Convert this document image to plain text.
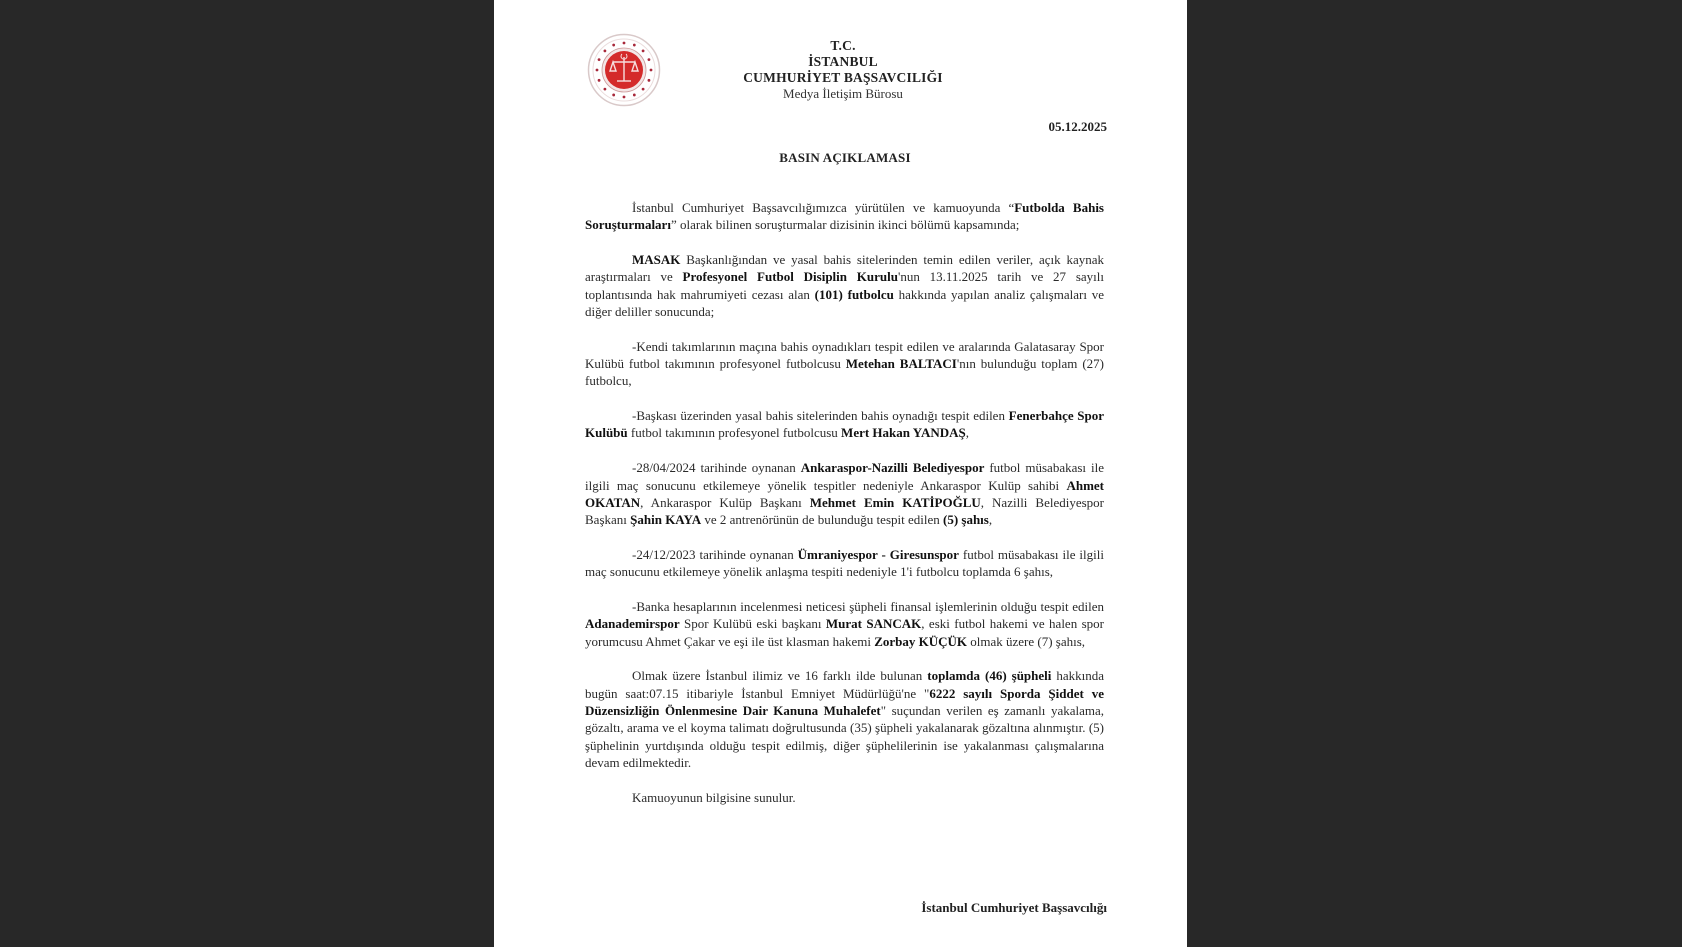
T.C.
İSTANBUL
CUMHURİYET BAŞSAVCILIĞI
Medya İletişim Bürosu
05.12.2025
BASIN AÇIKLAMASI

İstanbul Cumhuriyet Başsavcılığımızca yürütülen ve kamuoyunda “Futbolda Bahis Soruşturmaları” olarak bilinen soruşturmalar dizisinin ikinci bölümü kapsamında;

MASAK Başkanlığından ve yasal bahis sitelerinden temin edilen veriler, açık kaynak araştırmaları ve Profesyonel Futbol Disiplin Kurulu'nun 13.11.2025 tarih ve 27 sayılı toplantısında hak mahrumiyeti cezası alan (101) futbolcu hakkında yapılan analiz çalışmaları ve diğer deliller sonucunda;

-Kendi takımlarının maçına bahis oynadıkları tespit edilen ve aralarında Galatasaray Spor Kulübü futbol takımının profesyonel futbolcusu Metehan BALTACI'nın bulunduğu toplam (27) futbolcu,

-Başkası üzerinden yasal bahis sitelerinden bahis oynadığı tespit edilen Fenerbahçe Spor Kulübü futbol takımının profesyonel futbolcusu Mert Hakan YANDAŞ,

-28/04/2024 tarihinde oynanan Ankaraspor-Nazilli Belediyespor futbol müsabakası ile ilgili maç sonucunu etkilemeye yönelik tespitler nedeniyle Ankaraspor Kulüp sahibi Ahmet OKATAN, Ankaraspor Kulüp Başkanı Mehmet Emin KATİPOĞLU, Nazilli Belediyespor Başkanı Şahin KAYA ve 2 antrenörünün de bulunduğu tespit edilen (5) şahıs,

-24/12/2023 tarihinde oynanan Ümraniyespor - Giresunspor futbol müsabakası ile ilgili maç sonucunu etkilemeye yönelik anlaşma tespiti nedeniyle 1'i futbolcu toplamda 6 şahıs,

-Banka hesaplarının incelenmesi neticesi şüpheli finansal işlemlerinin olduğu tespit edilen Adanademirspor Spor Kulübü eski başkanı Murat SANCAK, eski futbol hakemi ve halen spor yorumcusu Ahmet Çakar ve eşi ile üst klasman hakemi Zorbay KÜÇÜK olmak üzere (7) şahıs,

Olmak üzere İstanbul ilimiz ve 16 farklı ilde bulunan toplamda (46) şüpheli hakkında bugün saat:07.15 itibariyle İstanbul Emniyet Müdürlüğü'ne "6222 sayılı Sporda Şiddet ve Düzensizliğin Önlenmesine Dair Kanuna Muhalefet" suçundan verilen eş zamanlı yakalama, gözaltı, arama ve el koyma talimatı doğrultusunda (35) şüpheli yakalanarak gözaltına alınmıştır. (5) şüphelinin yurtdışında olduğu tespit edilmiş, diğer şüphelilerinin ise yakalanması çalışmalarına devam edilmektedir.

Kamuoyunun bilgisine sunulur.

İstanbul Cumhuriyet Başsavcılığı
